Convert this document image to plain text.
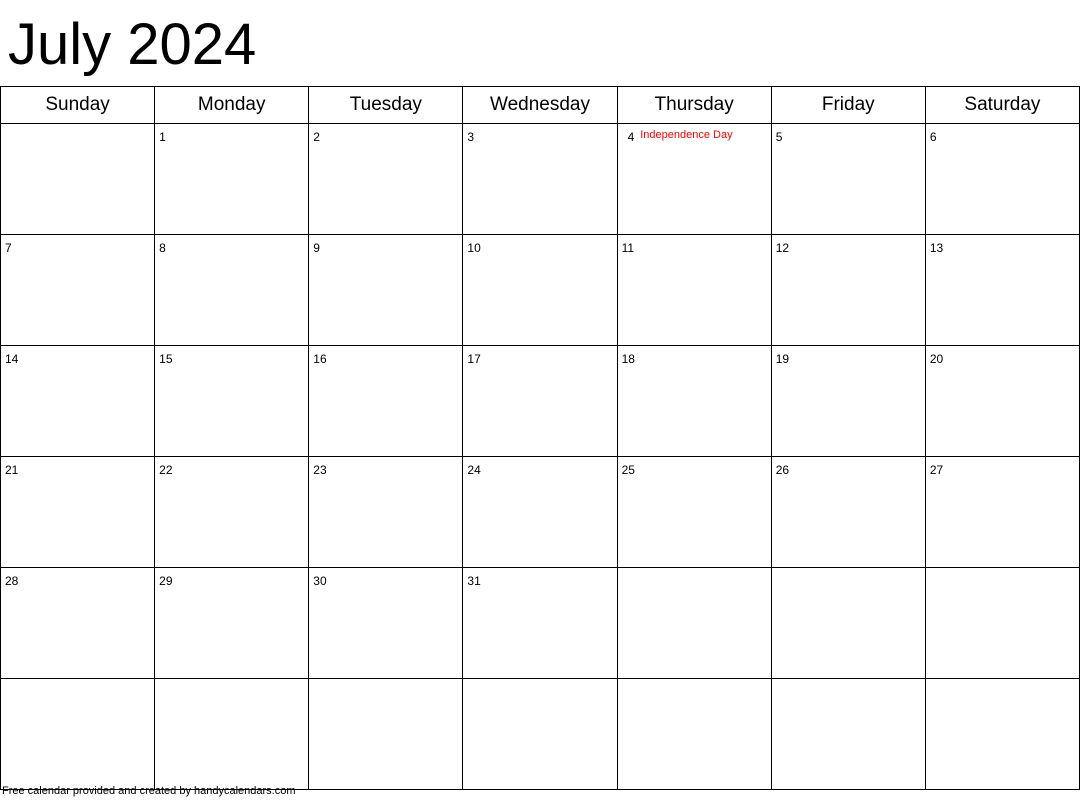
July 2024
Sunday	Monday	Tuesday	Wednesday	Thursday	Friday	Saturday

	1	2	3	4 Independence Day	5	6

7	8	9	10	11	12	13

14	15	16	17	18	19	20

21	22	23	24	25	26	27

28	29	30	31			

Free calendar provided and created by handycalendars.com
